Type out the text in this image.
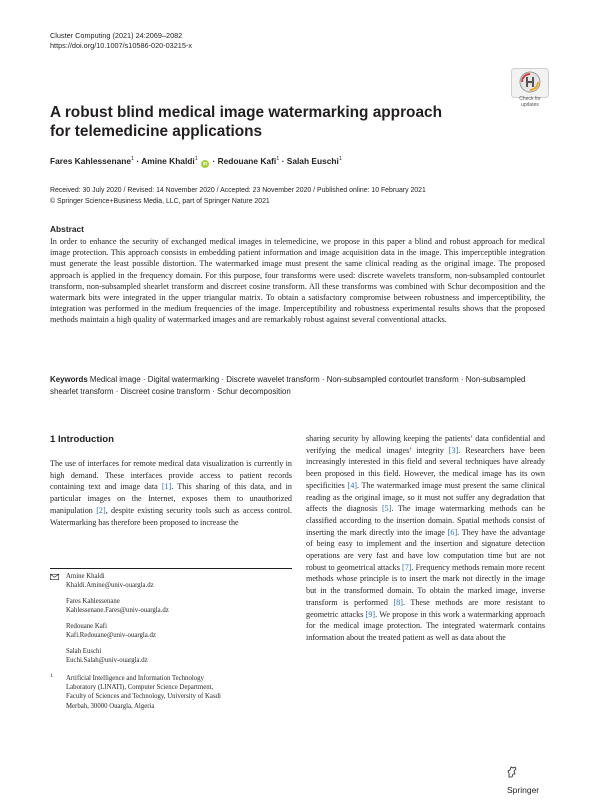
Cluster Computing (2021) 24:2069–2082
https://doi.org/10.1007/s10586-020-03215-x
Check for
updates
A robust blind medical image watermarking approach
for telemedicine applications
Fares Kahlessenane$^1$ · Amine Khaldi$^1$ iD · Redouane Kafi$^1$ · Salah Euschi$^1$
Received: 30 July 2020 / Revised: 14 November 2020 / Accepted: 23 November 2020 / Published online: 10 February 2021
© Springer Science+Business Media, LLC, part of Springer Nature 2021
Abstract
In order to enhance the security of exchanged medical images in telemedicine, we propose in this paper a blind and robust approach for medical image protection. This approach consists in embedding patient information and image acquisition data in the image. This imperceptible integration must generate the least possible distortion. The watermarked image must present the same clinical reading as the original image. The proposed approach is applied in the frequency domain. For this purpose, four transforms were used: discrete wavelets transform, non-subsampled contourlet transform, non-subsampled shearlet transform and discreet cosine transform. All these transforms was combined with Schur decomposition and the watermark bits were integrated in the upper triangular matrix. To obtain a satisfactory compromise between robustness and imperceptibility, the integration was performed in the medium frequencies of the image. Imperceptibility and robustness experimental results shows that the proposed methods maintain a high quality of watermarked images and are remarkably robust against several conventional attacks.
Keywords Medical image · Digital watermarking · Discrete wavelet transform · Non-subsampled contourlet transform · Non-subsampled shearlet transform · Discreet cosine transform · Schur decomposition
1 Introduction
The use of interfaces for remote medical data visualization is currently in high demand. These interfaces provide access to patient records containing text and image data [1]. This sharing of this data, and in particular images on the Internet, exposes them to unauthorized manipulation [2], despite existing security tools such as access control. Watermarking has therefore been proposed to increase the
sharing security by allowing keeping the patients’ data confidential and verifying the medical images’ integrity [3]. Researchers have been increasingly interested in this field and several techniques have already been proposed in this field. However, the medical image has its own specificities [4]. The watermarked image must present the same clinical reading as the original image, so it must not suffer any degradation that affects the diagnosis [5]. The image watermarking methods can be classified according to the insertion domain. Spatial methods consist of inserting the mark directly into the image [6]. They have the advantage of being easy to implement and the insertion and signature detection operations are very fast and have low computation time but are not robust to geometrical attacks [7]. Frequency methods remain more recent methods whose principle is to insert the mark not directly in the image but in the transformed domain. To obtain the marked image, inverse transform is performed [8]. These methods are more resistant to geometric attacks [9]. We propose in this work a watermarking approach for the medical image protection. The integrated watermark contains information about the treated patient as well as data about the
Amine Khaldi
Khaldi.Amine@univ-ouargla.dz
Fares Kahlessenane
Kahlessenane.Fares@univ-ouargla.dz
Redouane Kafi
Kafi.Redouane@univ-ouargla.dz
Salah Euschi
Euchi.Salah@univ-ouargla.dz
1 Artificial Intelligence and Information Technology
Laboratory (LINATI), Computer Science Department,
Faculty of Sciences and Technology, University of Kasdi
Merbah, 30000 Ouargla, Algeria
$^{Springer}$
